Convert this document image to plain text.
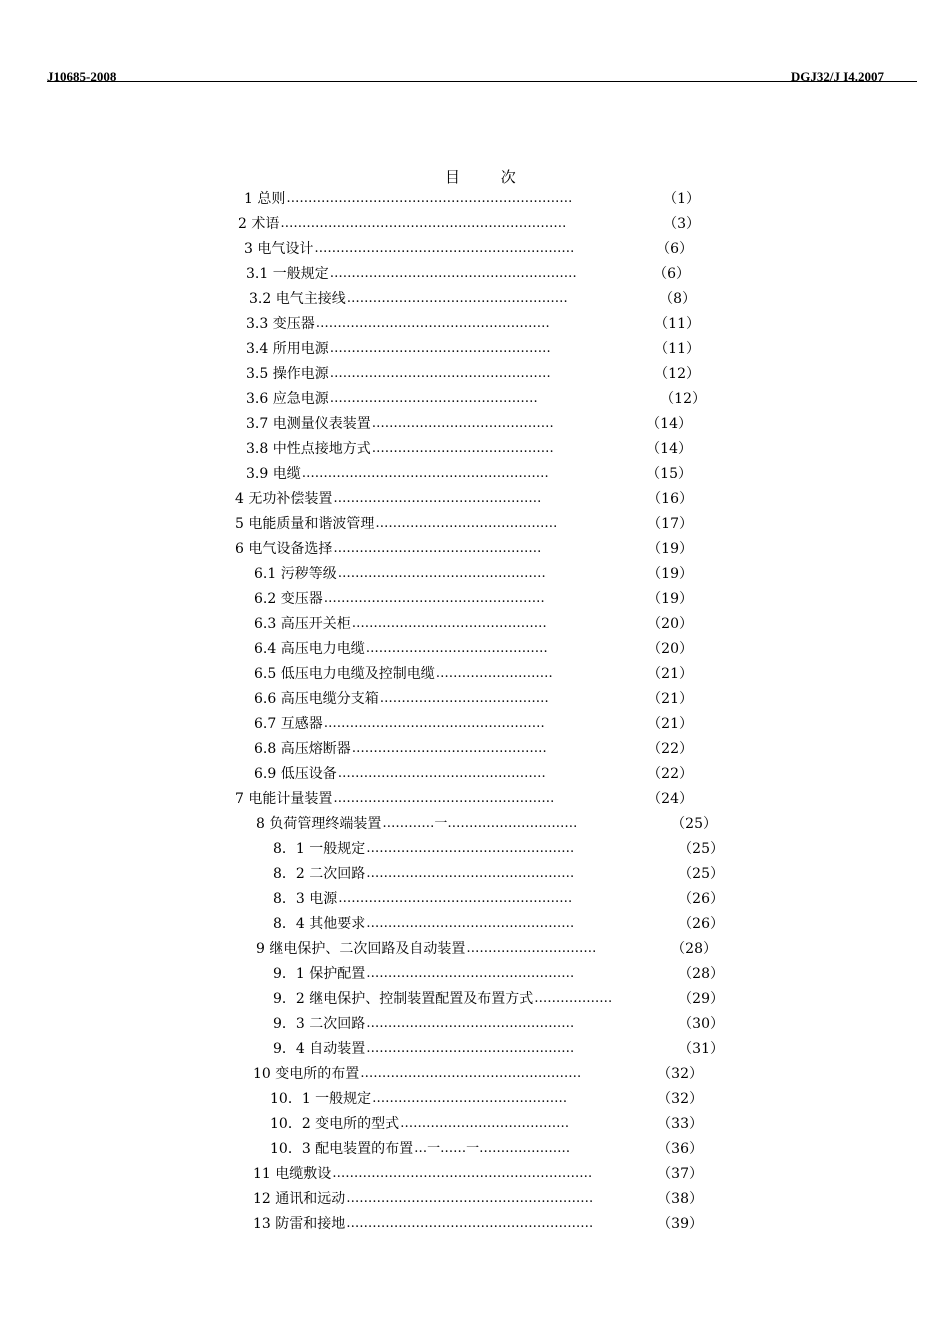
J10685-2008	DGJ32/J I4.2007
目 次
1 总则 …………………………………………………………	（1）
2 术语 …………………………………………………………	（3）
3 电气设计 ……………………………………………………	（6）
3.1 一般规定 …………………………………………………	（6）
3.2 电气主接线 ……………………………………………	（8）
3.3 变压器 ………………………………………………	（11）
3.4 所用电源 ……………………………………………	（11）
3.5 操作电源 ……………………………………………	（12）
3.6 应急电源 …………………………………………	（12）
3.7 电测量仪表装置 ……………………………………	（14）
3.8 中性点接地方式 ……………………………………	（14）
3.9 电缆 …………………………………………………	（15）
4 无功补偿装置 …………………………………………	（16）
5 电能质量和谐波管理 ……………………………………	（17）
6 电气设备选择 …………………………………………	（19）
6.1 污秽等级 …………………………………………	（19）
6.2 变压器 ……………………………………………	（19）
6.3 高压开关柜 ………………………………………	（20）
6.4 高压电力电缆 ……………………………………	（20）
6.5 低压电力电缆及控制电缆 ………………………	（21）
6.6 高压电缆分支箱 …………………………………	（21）
6.7 互感器 ……………………………………………	（21）
6.8 高压熔断器 ………………………………………	（22）
6.9 低压设备 …………………………………………	（22）
7 电能计量装置 ……………………………………………	（24）
8 负荷管理终端装置 …………一…………………………	（25）
8．1 一般规定 …………………………………………	（25）
8．2 二次回路 …………………………………………	（25）
8．3 电源 ………………………………………………	（26）
8．4 其他要求 …………………………………………	（26）
9 继电保护、二次回路及自动装置 …………………………	（28）
9．1 保护配置 …………………………………………	（28）
9．2 继电保护、控制装置配置及布置方式 ………………	（29）
9．3 二次回路 …………………………………………	（30）
9．4 自动装置 …………………………………………	（31）
10 变电所的布置 ……………………………………………	（32）
10．1 一般规定 ………………………………………	（32）
10．2 变电所的型式 …………………………………	（33）
10．3 配电装置的布置 …一……一…………………	（36）
11 电缆敷设 ……………………………………………………	（37）
12 通讯和远动 …………………………………………………	（38）
13 防雷和接地 …………………………………………………	（39）
